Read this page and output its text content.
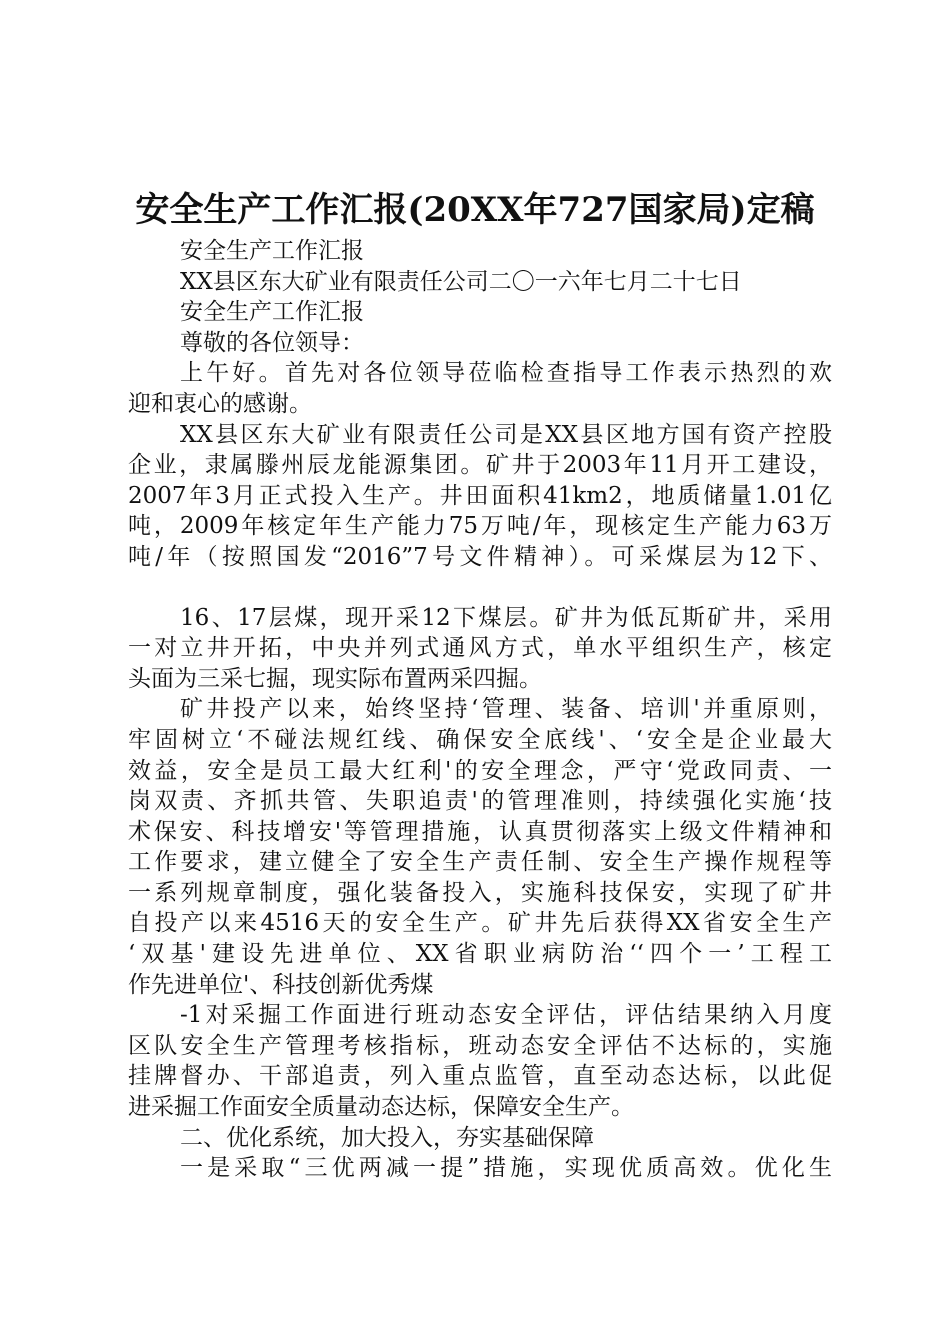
安全生产工作汇报(20XX年727国家局)定稿
安全生产工作汇报
XX县区东大矿业有限责任公司二〇一六年七月二十七日
安全生产工作汇报
尊敬的各位领导：
上午好。首先对各位领导莅临检查指导工作表示热烈的欢
迎和衷心的感谢。
XX县区东大矿业有限责任公司是XX县区地方国有资产控股
企业，隶属滕州辰龙能源集团。矿井于2003年11月开工建设，
2007年3月正式投入生产。井田面积41km2，地质储量1.01亿
吨，2009年核定年生产能力75万吨/年，现核定生产能力63万
吨/年（按照国发“2016”7号文件精神）。可采煤层为12下、
16、17层煤，现开采12下煤层。矿井为低瓦斯矿井，采用
一对立井开拓，中央并列式通风方式，单水平组织生产，核定
头面为三采七掘，现实际布置两采四掘。
矿井投产以来，始终坚持‘管理、装备、培训'并重原则，
牢固树立‘不碰法规红线、确保安全底线'、‘安全是企业最大
效益，安全是员工最大红利'的安全理念，严守‘党政同责、一
岗双责、齐抓共管、失职追责'的管理准则，持续强化实施‘技
术保安、科技增安'等管理措施，认真贯彻落实上级文件精神和
工作要求，建立健全了安全生产责任制、安全生产操作规程等
一系列规章制度，强化装备投入，实施科技保安，实现了矿井
自投产以来4516天的安全生产。矿井先后获得XX省安全生产
‘双基'建设先进单位、XX省职业病防治‘‘四个一’工程工
作先进单位'、科技创新优秀煤
-1对采掘工作面进行班动态安全评估，评估结果纳入月度
区队安全生产管理考核指标，班动态安全评估不达标的，实施
挂牌督办、干部追责，列入重点监管，直至动态达标，以此促
进采掘工作面安全质量动态达标，保障安全生产。
二、优化系统，加大投入，夯实基础保障
一是采取“三优两减一提”措施，实现优质高效。优化生
